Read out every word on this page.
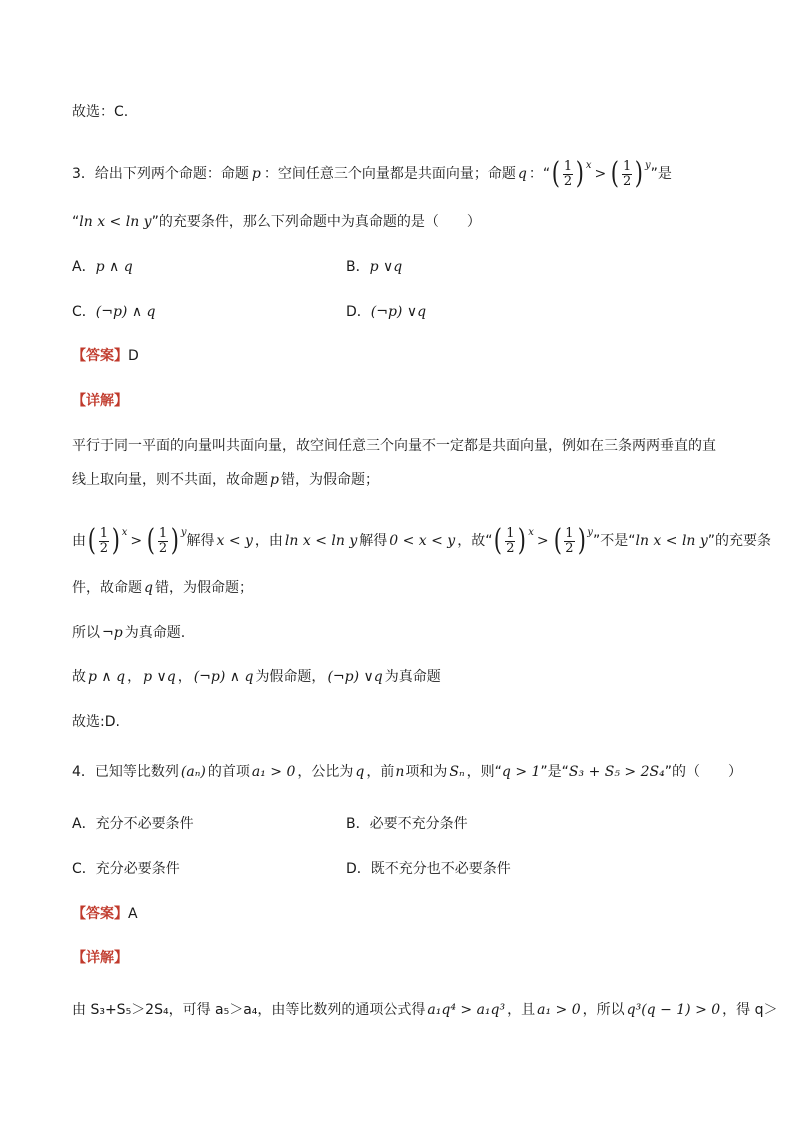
故选：C.
3．给出下列两个命题：命题 p ：空间任意三个向量都是共面向量；命题 q ： “ ( $\frac{1}{2}$ ) x
> ( $\frac{1}{2}$ ) y
”是
“ln x < ln y”的充要条件，那么下列命题中为真命题的是（　　）
A．p ∧ q	B．p ∨q
C．(¬p) ∧ q	D．(¬p) ∨q
【答案】D
【详解】
平行于同一平面的向量叫共面向量，故空间任意三个向量不一定都是共面向量，例如在三条两两垂直的直
线上取向量，则不共面，故命题 p 错，为假命题；
由 ( $\frac{1}{2}$ ) x
> ( $\frac{1}{2}$ ) y
解得 x < y ，由 ln x < ln y 解得 0 < x < y ，故“ ( $\frac{1}{2}$ ) x
> ( $\frac{1}{2}$ ) y
”不是“ ln x < ln y ”的充要条
件，故命题 q 错，为假命题；
所以 ¬p 为真命题.
故 p ∧ q ， p ∨q ， (¬p) ∧ q 为假命题， (¬p) ∨q 为真命题
故选:D.
4．已知等比数列 (aₙ) 的首项 a₁ > 0 ，公比为 q ，前n项和为 Sₙ ，则“q > 1”是“S₃ + S₅ > 2S₄”的（　　）
A．充分不必要条件	B．必要不充分条件
C．充分必要条件	D．既不充分也不必要条件
【答案】A
【详解】
由 S₃+S₅＞2S₄，可得 a₅＞a₄，由等比数列的通项公式得 a₁q⁴ > a₁q³ ，且 a₁ > 0 ，所以 q³(q − 1) > 0 ，得 q＞
